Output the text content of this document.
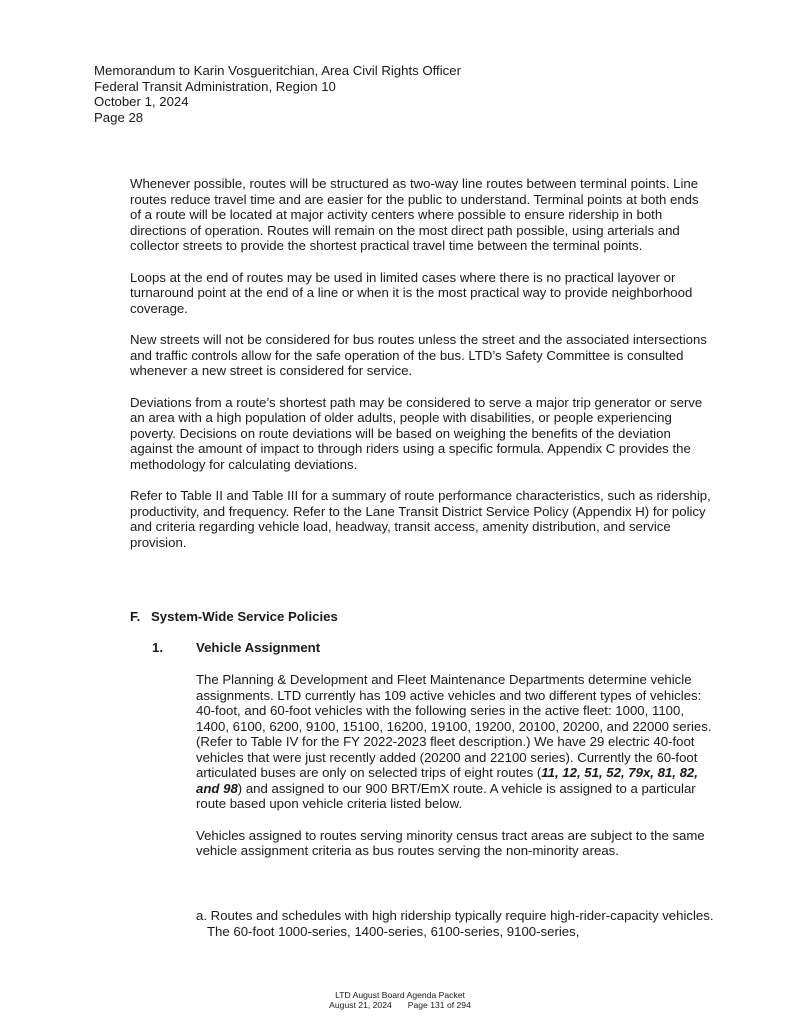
Memorandum to Karin Vosgueritchian, Area Civil Rights Officer
Federal Transit Administration, Region 10
October 1, 2024
Page 28

Whenever possible, routes will be structured as two-way line routes between terminal points. Line routes reduce travel time and are easier for the public to understand. Terminal points at both ends of a route will be located at major activity centers where possible to ensure ridership in both directions of operation. Routes will remain on the most direct path possible, using arterials and collector streets to provide the shortest practical travel time between the terminal points.

Loops at the end of routes may be used in limited cases where there is no practical layover or turnaround point at the end of a line or when it is the most practical way to provide neighborhood coverage.

New streets will not be considered for bus routes unless the street and the associated intersections and traffic controls allow for the safe operation of the bus. LTD’s Safety Committee is consulted whenever a new street is considered for service.

Deviations from a route’s shortest path may be considered to serve a major trip generator or serve an area with a high population of older adults, people with disabilities, or people experiencing poverty. Decisions on route deviations will be based on weighing the benefits of the deviation against the amount of impact to through riders using a specific formula. Appendix C provides the methodology for calculating deviations.

Refer to Table II and Table III for a summary of route performance characteristics, such as ridership, productivity, and frequency. Refer to the Lane Transit District Service Policy (Appendix H) for policy and criteria regarding vehicle load, headway, transit access, amenity distribution, and service provision.

F. System-Wide Service Policies
1.	Vehicle Assignment

The Planning & Development and Fleet Maintenance Departments determine vehicle assignments. LTD currently has 109 active vehicles and two different types of vehicles: 40-foot, and 60-foot vehicles with the following series in the active fleet: 1000, 1100, 1400, 6100, 6200, 9100, 15100, 16200, 19100, 19200, 20100, 20200, and 22000 series. (Refer to Table IV for the FY 2022-2023 fleet description.) We have 29 electric 40-foot vehicles that were just recently added (20200 and 22100 series). Currently the 60-foot articulated buses are only on selected trips of eight routes (11, 12, 51, 52, 79x, 81, 82, and 98) and assigned to our 900 BRT/EmX route. A vehicle is assigned to a particular route based upon vehicle criteria listed below.

Vehicles assigned to routes serving minority census tract areas are subject to the same vehicle assignment criteria as bus routes serving the non-minority areas.

a. Routes and schedules with high ridership typically require high-rider-capacity vehicles. The 60-foot 1000-series, 1400-series, 6100-series, 9100-series,
LTD August Board Agenda Packet
August 21, 2024 Page 131 of 294
